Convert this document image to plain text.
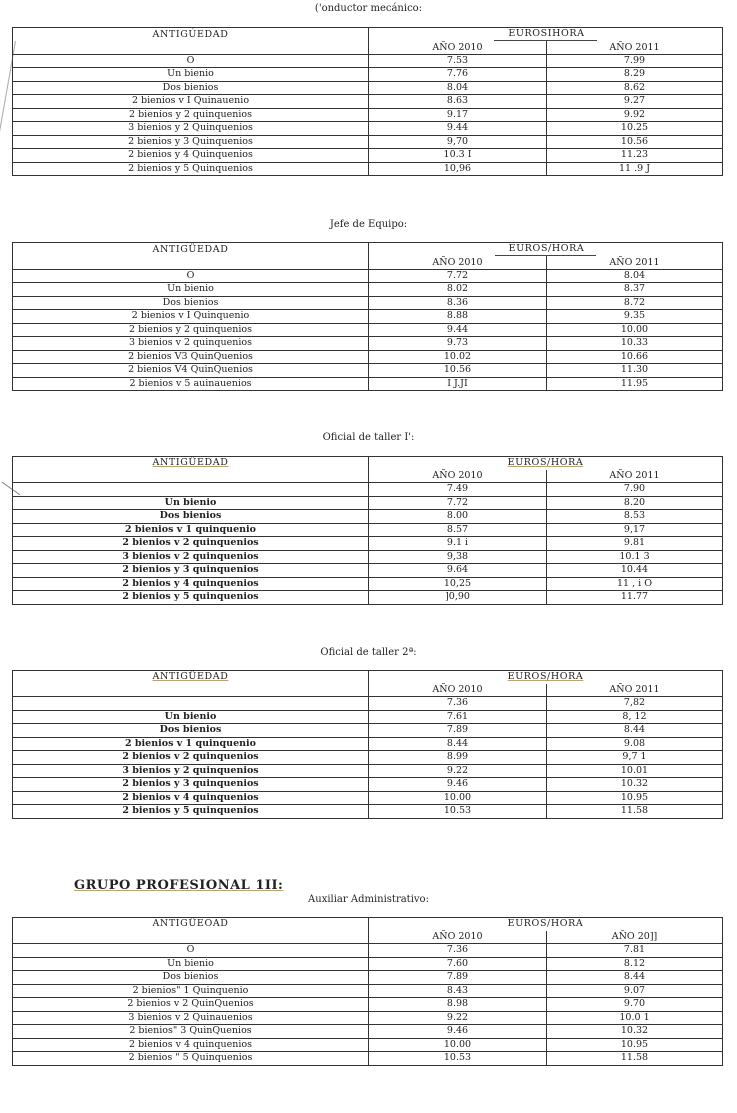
('onductor mecánico:
Jefe de Equipo:
Oficial de taller I':
Oficial de taller 2ª:
GRUPO PROFESIONAL 1II:
Auxiliar Administrativo:
ANTIGÚEDAD	EUROSIHORA	
	AÑO 2010	AÑO 2011
O	7.53	7.99
Un bienio	7.76	8.29
Dos bienios	8.04	8.62
2 bienios v I Quinauenio	8.63	9.27
2 bienios y 2 quinquenios	9.17	9.92
3 bienios y 2 Quinquenios	9.44	10.25
2 bienios y 3 Quinquenios	9,70	10.56
2 bienios y 4 Quinquenios	10.3 I	11.23
2 bienios y 5 Quinquenios	10,96	11 .9 J
ANTIGÜEDAD	EUROS/HORA	
	AÑO 2010	AÑO 2011
O	7.72	8.04
Un bienio	8.02	8.37
Dos bienios	8.36	8.72
2 bienios v I Quinquenio	8.88	9.35
2 bienios y 2 quinquenios	9.44	10.00
3 bienios v 2 quinquenios	9.73	10.33
2 bienios V3 QuinQuenios	10.02	10.66
2 bienios V4 QuinQuenios	10.56	11.30
2 bienios v 5 auinauenios	I J.JI	11.95
ANTIGÜEDAD	EUROS/HORA	
	AÑO 2010	AÑO 2011
	7.49	7.90
Un bienio	7.72	8.20
Dos bienios	8.00	8.53
2 bienios v 1 quinquenio	8.57	9,17
2 bienios v 2 quinquenios	9.1 i	9.81
3 bienios v 2 quinquenios	9,38	10.1 3
2 bienios y 3 quinquenios	9.64	10.44
2 bienios y 4 quinquenios	10,25	11 , i O
2 bienios y 5 quinquenios	]0,90	11.77
ANTIGÜEDAD	EUROS/HORA	
	AÑO 2010	AÑO 2011
	7.36	7,82
Un bienio	7.61	8, 12
Dos bienios	7.89	8.44
2 bienios v 1 quinquenio	8.44	9.08
2 bienios v 2 quinquenios	8.99	9,7 1
3 bienios y 2 quinquenios	9.22	10.01
2 bienios y 3 quinquenios	9.46	10.32
2 bienios v 4 quinquenios	10.00	10.95
2 bienios y 5 quinquenios	10.53	11.58
ANTIGÜEOAD	EUROS/HORA	
	AÑO 2010	AÑO 20]]
O	7.36	7.81
Un bienio	7.60	8.12
Dos bienios	7.89	8.44
2 bienios" 1 Quinquenio	8.43	9.07
2 bienios v 2 QuinQuenios	8.98	9.70
3 bienios v 2 Quinauenios	9.22	10.0 1
2 bienios" 3 QuinQuenios	9.46	10.32
2 bienios v 4 quinquenios	10.00	10.95
2 bienios " 5 Quinquenios	10.53	11.58
